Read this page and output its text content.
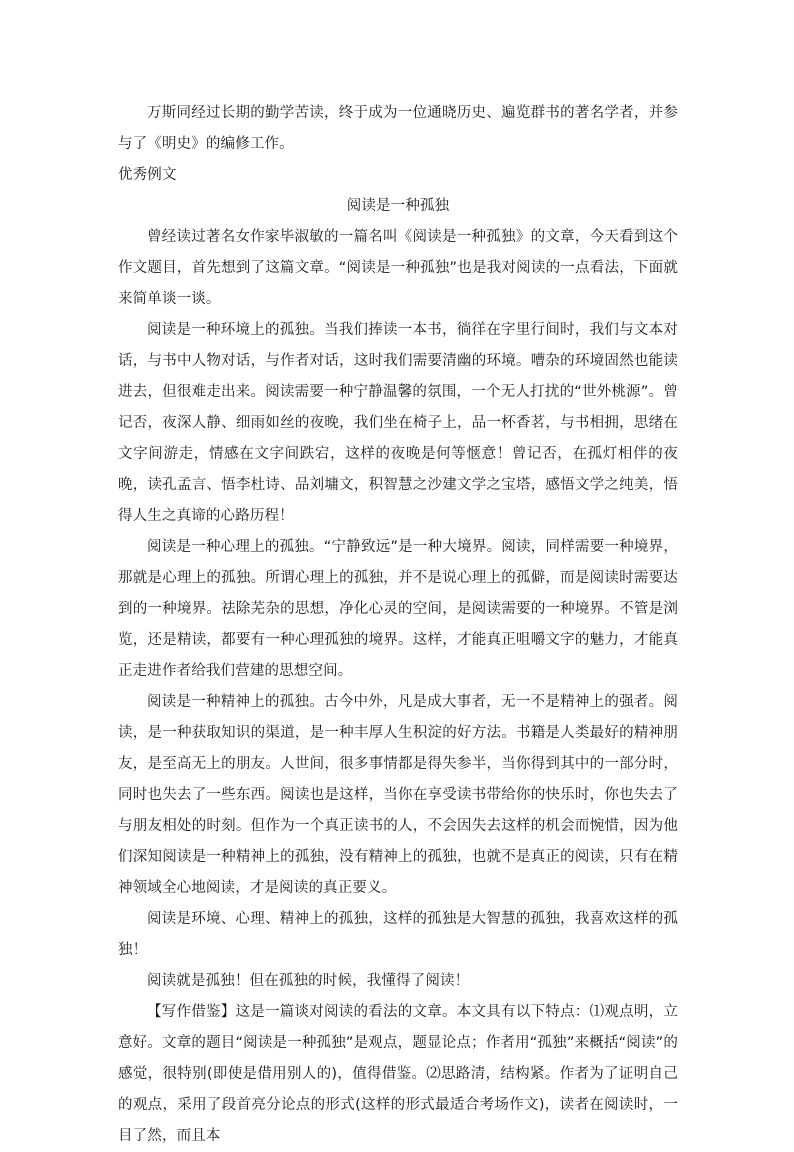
万斯同经过长期的勤学苦读，终于成为一位通晓历史、遍览群书的著名学者，并参与了《明史》的编修工作。

优秀例文

阅读是一种孤独

曾经读过著名女作家毕淑敏的一篇名叫《阅读是一种孤独》的文章，今天看到这个作文题目，首先想到了这篇文章。“阅读是一种孤独”也是我对阅读的一点看法，下面就来简单谈一谈。

阅读是一种环境上的孤独。当我们捧读一本书，徜徉在字里行间时，我们与文本对话，与书中人物对话，与作者对话，这时我们需要清幽的环境。嘈杂的环境固然也能读进去，但很难走出来。阅读需要一种宁静温馨的氛围，一个无人打扰的“世外桃源”。曾记否，夜深人静、细雨如丝的夜晚，我们坐在椅子上，品一杯香茗，与书相拥，思绪在文字间游走，情感在文字间跌宕，这样的夜晚是何等惬意！曾记否，在孤灯相伴的夜晚，读孔孟言、悟李杜诗、品刘墉文，积智慧之沙建文学之宝塔，感悟文学之纯美，悟得人生之真谛的心路历程！

阅读是一种心理上的孤独。“宁静致远”是一种大境界。阅读，同样需要一种境界，那就是心理上的孤独。所谓心理上的孤独，并不是说心理上的孤僻，而是阅读时需要达到的一种境界。祛除芜杂的思想，净化心灵的空间，是阅读需要的一种境界。不管是浏览，还是精读，都要有一种心理孤独的境界。这样，才能真正咀嚼文字的魅力，才能真正走进作者给我们营建的思想空间。

阅读是一种精神上的孤独。古今中外，凡是成大事者，无一不是精神上的强者。阅读，是一种获取知识的渠道，是一种丰厚人生积淀的好方法。书籍是人类最好的精神朋友，是至高无上的朋友。人世间，很多事情都是得失参半，当你得到其中的一部分时，同时也失去了一些东西。阅读也是这样，当你在享受读书带给你的快乐时，你也失去了与朋友相处的时刻。但作为一个真正读书的人，不会因失去这样的机会而惋惜，因为他们深知阅读是一种精神上的孤独，没有精神上的孤独，也就不是真正的阅读，只有在精神领域全心地阅读，才是阅读的真正要义。

阅读是环境、心理、精神上的孤独，这样的孤独是大智慧的孤独，我喜欢这样的孤独！

阅读就是孤独！但在孤独的时候，我懂得了阅读！

【写作借鉴】这是一篇谈对阅读的看法的文章。本文具有以下特点：⑴观点明，立意好。文章的题目“阅读是一种孤独”是观点，题显论点；作者用“孤独”来概括“阅读”的感觉，很特别(即使是借用别人的)，值得借鉴。⑵思路清，结构紧。作者为了证明自己的观点，采用了段首亮分论点的形式(这样的形式最适合考场作文)，读者在阅读时，一目了然，而且本
